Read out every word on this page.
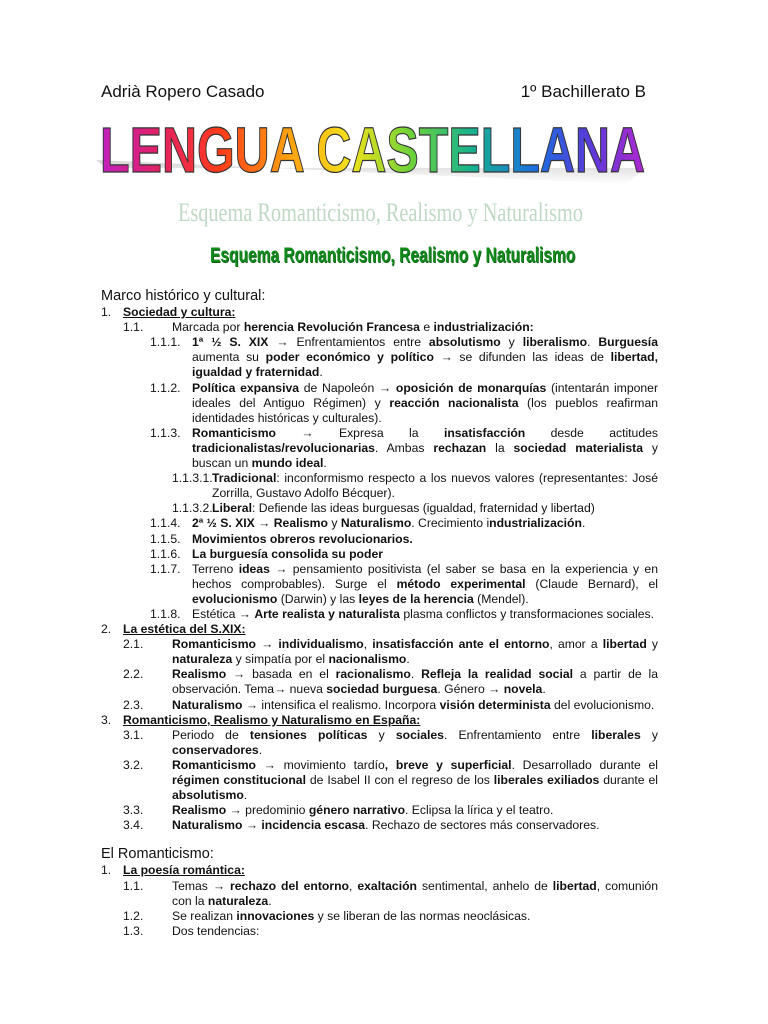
Adrià Ropero Casado	1º Bachillerato B
LENGUA CASTELLANA
Esquema Romanticismo, Realismo y Naturalismo
Esquema Romanticismo, Realismo y Naturalismo
Marco histórico y cultural:
1. Sociedad y cultura:
1.1.	Marcada por herencia Revolución Francesa e industrialización:
1.1.1. 1ª ½ S. XIX → Enfrentamientos entre absolutismo y liberalismo. Burguesía aumenta su poder económico y político → se difunden las ideas de libertad, igualdad y fraternidad.
1.1.2. Política expansiva de Napoleón → oposición de monarquías (intentarán imponer ideales del Antiguo Régimen) y reacción nacionalista (los pueblos reafirman identidades históricas y culturales).
1.1.3. Romanticismo → Expresa la insatisfacción desde actitudes tradicionalistas/revolucionarias. Ambas rechazan la sociedad materialista y buscan un mundo ideal.
1.1.3.1. Tradicional: inconformismo respecto a los nuevos valores (representantes: José Zorrilla, Gustavo Adolfo Bécquer).
1.1.3.2. Liberal: Defiende las ideas burguesas (igualdad, fraternidad y libertad)
1.1.4. 2ª ½ S. XIX → Realismo y Naturalismo. Crecimiento industrialización.
1.1.5. Movimientos obreros revolucionarios.
1.1.6. La burguesía consolida su poder
1.1.7. Terreno ideas → pensamiento positivista (el saber se basa en la experiencia y en hechos comprobables). Surge el método experimental (Claude Bernard), el evolucionismo (Darwin) y las leyes de la herencia (Mendel).
1.1.8. Estética → Arte realista y naturalista plasma conflictos y transformaciones sociales.
2. La estética del S.XIX:
2.1.	Romanticismo → individualismo, insatisfacción ante el entorno, amor a libertad y naturaleza y simpatía por el nacionalismo.
2.2.	Realismo → basada en el racionalismo. Refleja la realidad social a partir de la observación. Tema→ nueva sociedad burguesa. Género → novela.
2.3.	Naturalismo → intensifica el realismo. Incorpora visión determinista del evolucionismo.
3. Romanticismo, Realismo y Naturalismo en España:
3.1.	Periodo de tensiones políticas y sociales. Enfrentamiento entre liberales y conservadores.
3.2.	Romanticismo → movimiento tardío, breve y superficial. Desarrollado durante el régimen constitucional de Isabel II con el regreso de los liberales exiliados durante el absolutismo.
3.3.	Realismo → predominio género narrativo. Eclipsa la lírica y el teatro.
3.4.	Naturalismo → incidencia escasa. Rechazo de sectores más conservadores.
El Romanticismo:
1. La poesía romántica:
1.1.	Temas → rechazo del entorno, exaltación sentimental, anhelo de libertad, comunión con la naturaleza.
1.2.	Se realizan innovaciones y se liberan de las normas neoclásicas.
1.3.	Dos tendencias:
